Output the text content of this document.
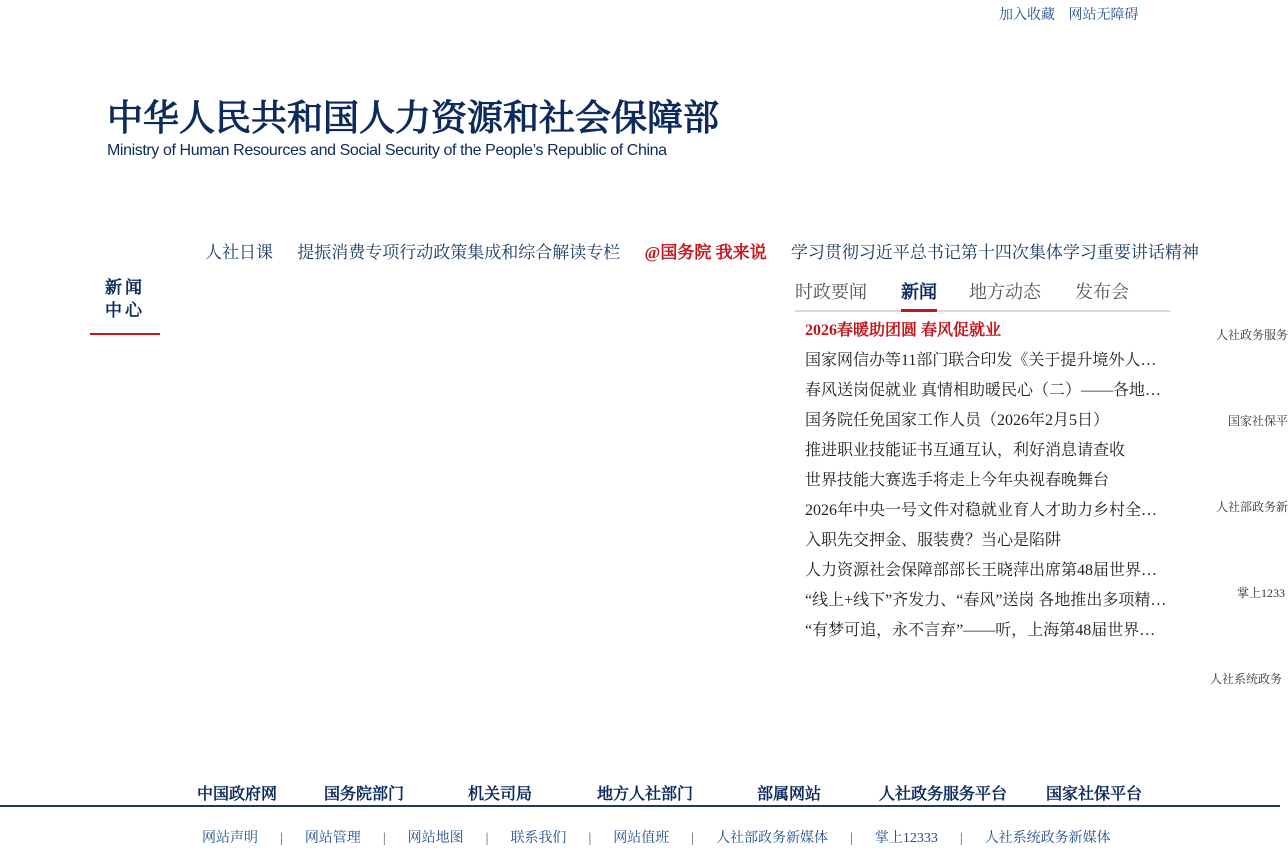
加入收藏 网站无障碍
中华人民共和国人力资源和社会保障部
Ministry of Human Resources and Social Security of the People’s Republic of China
人社日课 提振消费专项行动政策集成和综合解读专栏 @国务院 我来说 学习贯彻习近平总书记第十四次集体学习重要讲话精神
新闻
中心
时政要闻 新闻 地方动态 发布会
2026春暖助团圆 春风促就业
国家网信办等11部门联合印发《关于提升境外人…
春风送岗促就业 真情相助暖民心（二）——各地…
国务院任免国家工作人员（2026年2月5日）
推进职业技能证书互通互认，利好消息请查收
世界技能大赛选手将走上今年央视春晚舞台
2026年中央一号文件对稳就业育人才助力乡村全…
入职先交押金、服装费？当心是陷阱
人力资源社会保障部部长王晓萍出席第48届世界…
“线上+线下”齐发力、“春风”送岗 各地推出多项精…
“有梦可追，永不言弃”——听，上海第48届世界…
人社政务服务
国家社保平
人社部政务新
掌上1233
人社系统政务
中国政府网	国务院部门	机关司局	地方人社部门	部属网站	人社政务服务平台 国家社保平台
网站声明 | 网站管理 | 网站地图 | 联系我们 | 网站值班 | 人社部政务新媒体 | 掌上12333 | 人社系统政务新媒体
